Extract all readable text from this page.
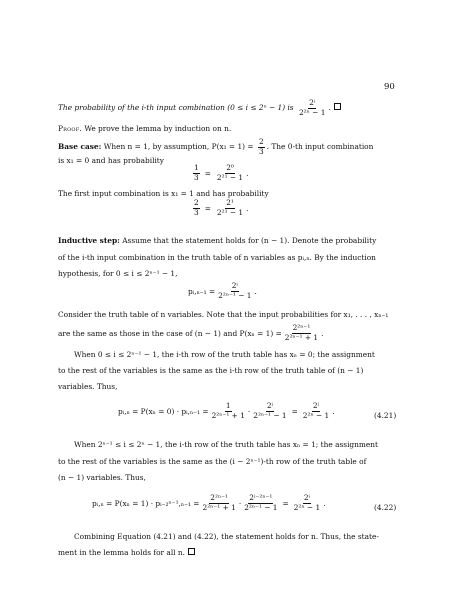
90
The probability of the i-th input combination (0 ≤ i ≤ 2ⁿ − 1) is $\frac{\text{2ⁱ}}{\text{2²ⁿ − 1}}$ .
Proof. We prove the lemma by induction on n.
Base case: When n = 1, by assumption, $P(x_1 = 1) = \frac{2}{3}$ . The 0-th input combination
is x₁ = 0 and has probability
$\frac{1}{3} = \frac{\text{2⁰}}{\text{2²¹ − 1}}$ .
The first input combination is x₁ = 1 and has probability
$\frac{2}{3} = \frac{\text{2¹}}{\text{2²¹ − 1}}$ .
Inductive step: Assume that the statement holds for (n − 1). Denote the probability
of the i-th input combination in the truth table of n variables as pᵢ,ₙ. By the induction
hypothesis, for 0 ≤ i ≤ 2ⁿ⁻¹ − 1,
pᵢ,ₙ₋₁ = $\frac{\text{2ⁱ}}{\text{2²ⁿ⁻¹ − 1}}$ .
Consider the truth table of n variables. Note that the input probabilities for x₁, . . . , xₙ₋₁
are the same as those in the case of (n − 1) and $P(x_n = 1) = \frac{\text{2²ⁿ⁻¹}}{\text{2²ⁿ⁻¹ + 1}}$ .
When 0 ≤ i ≤ 2ⁿ⁻¹ − 1, the i-th row of the truth table has xₙ = 0; the assignment
to the rest of the variables is the same as the i-th row of the truth table of (n − 1)
variables. Thus,
pᵢ,ₙ = P(xₙ = 0) · pᵢ,ₙ₋₁ = $\frac{1}{\text{2²ⁿ⁻¹ + 1}} \cdot \frac{\text{2ⁱ}}{\text{2²ⁿ⁻¹ − 1}} = \frac{\text{2ⁱ}}{\text{2²ⁿ − 1}}$ .	(4.21)
When 2ⁿ⁻¹ ≤ i ≤ 2ⁿ − 1, the i-th row of the truth table has xₙ = 1; the assignment
to the rest of the variables is the same as the (i − 2ⁿ⁻¹)-th row of the truth table of
(n − 1) variables. Thus,
pᵢ,ₙ = P(xₙ = 1) · pᵢ₋₂ⁿ⁻¹,ₙ₋₁ = $\frac{\text{2²ⁿ⁻¹}}{\text{2²ⁿ⁻¹ + 1}} \cdot \frac{\text{2ⁱ⁻²ⁿ⁻¹}}{\text{2²ⁿ⁻¹ − 1}} = \frac{\text{2ⁱ}}{\text{2²ⁿ − 1}}$ .	(4.22)
Combining Equation (4.21) and (4.22), the statement holds for n. Thus, the state-
ment in the lemma holds for all n.
